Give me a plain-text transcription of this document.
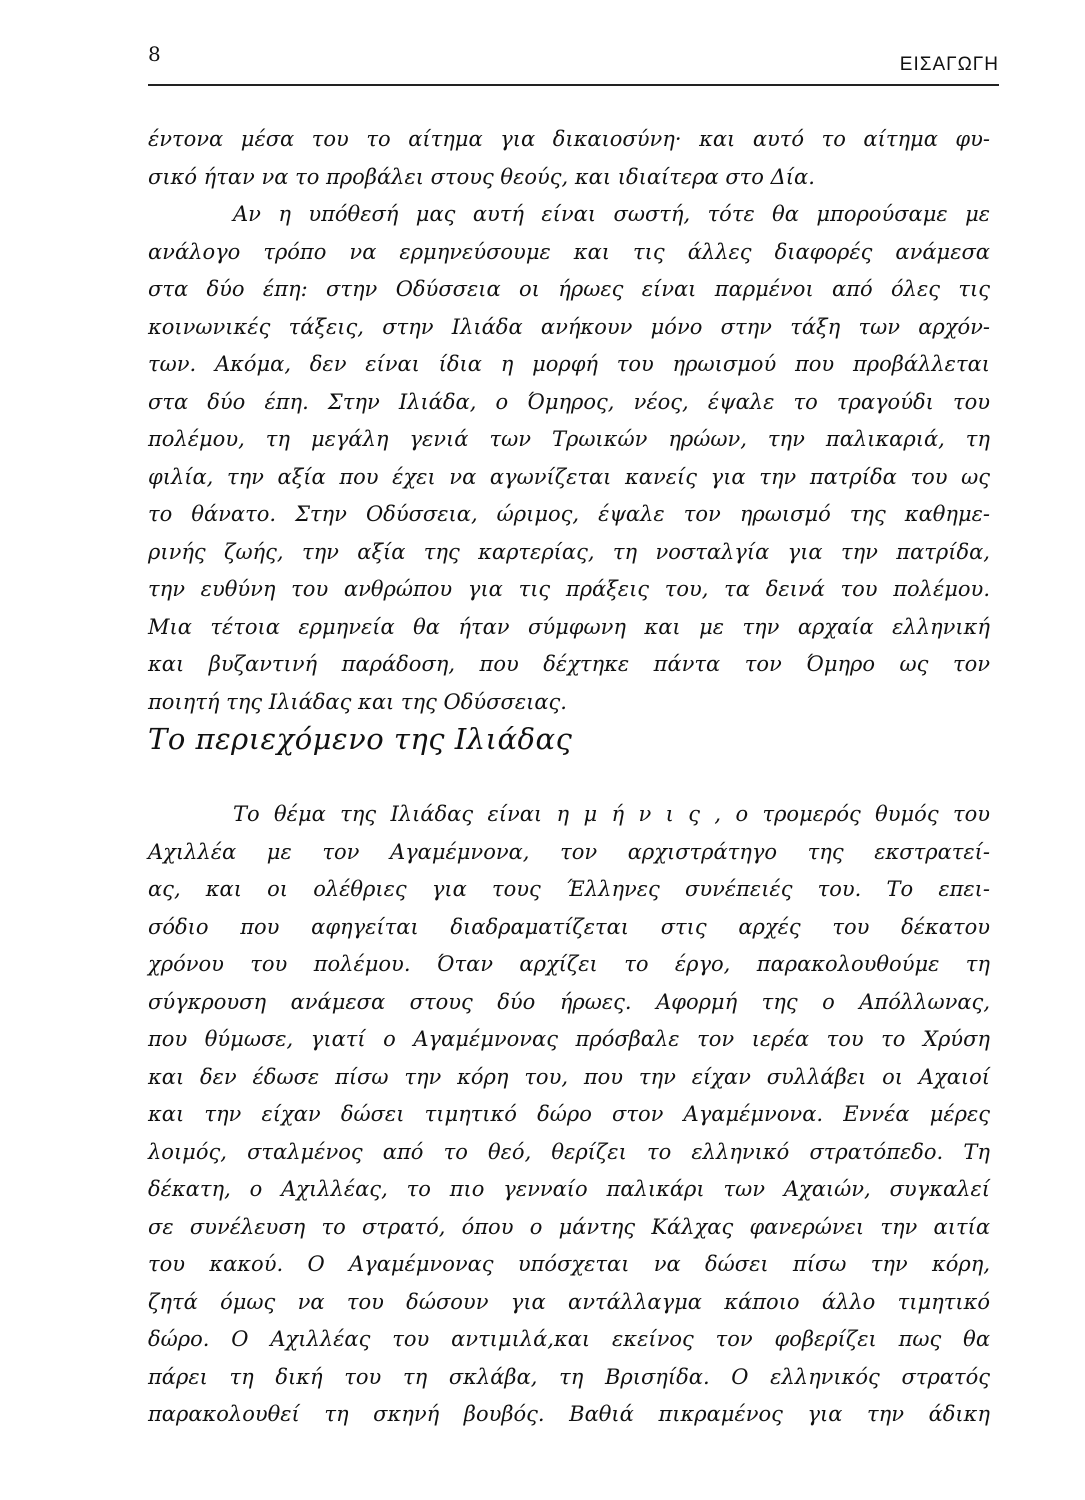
8	ΕΙΣΑΓΩΓΗ

έντονα μέσα του το αίτημα για δικαιοσύνη· και αυτό το αίτημα φυ-
σικό ήταν να το προβάλει στους θεούς, και ιδιαίτερα στο Δία.
Αν η υπόθεσή μας αυτή είναι σωστή, τότε θα μπορούσαμε με
ανάλογο τρόπο να ερμηνεύσουμε και τις άλλες διαφορές ανάμεσα
στα δύο έπη: στην Οδύσσεια οι ήρωες είναι παρμένοι από όλες τις
κοινωνικές τάξεις, στην Ιλιάδα ανήκουν μόνο στην τάξη των αρχόν-
των. Ακόμα, δεν είναι ίδια η μορφή του ηρωισμού που προβάλλεται
στα δύο έπη. Στην Ιλιάδα, ο Όμηρος, νέος, έψαλε το τραγούδι του
πολέμου, τη μεγάλη γενιά των Τρωικών ηρώων, την παλικαριά, τη
φιλία, την αξία που έχει να αγωνίζεται κανείς για την πατρίδα του ως
το θάνατο. Στην Οδύσσεια, ώριμος, έψαλε τον ηρωισμό της καθημε-
ρινής ζωής, την αξία της καρτερίας, τη νοσταλγία για την πατρίδα,
την ευθύνη του ανθρώπου για τις πράξεις του, τα δεινά του πολέμου.
Μια τέτοια ερμηνεία θα ήταν σύμφωνη και με την αρχαία ελληνική
και βυζαντινή παράδοση, που δέχτηκε πάντα τον Όμηρο ως τον
ποιητή της Ιλιάδας και της Οδύσσειας.

Το περιεχόμενο της Ιλιάδας

Το θέμα της Ιλιάδας είναι η μ ή ν ι ς , ο τρομερός θυμός του
Αχιλλέα με τον Αγαμέμνονα, τον αρχιστράτηγο της εκστρατεί-
ας, και οι ολέθριες για τους Έλληνες συνέπειές του. Το επει-
σόδιο που αφηγείται διαδραματίζεται στις αρχές του δέκατου
χρόνου του πολέμου. Όταν αρχίζει το έργο, παρακολουθούμε τη
σύγκρουση ανάμεσα στους δύο ήρωες. Αφορμή της ο Απόλλωνας,
που θύμωσε, γιατί ο Αγαμέμνονας πρόσβαλε τον ιερέα του το Χρύση
και δεν έδωσε πίσω την κόρη του, που την είχαν συλλάβει οι Αχαιοί
και την είχαν δώσει τιμητικό δώρο στον Αγαμέμνονα. Εννέα μέρες
λοιμός, σταλμένος από το θεό, θερίζει το ελληνικό στρατόπεδο. Τη
δέκατη, ο Αχιλλέας, το πιο γενναίο παλικάρι των Αχαιών, συγκαλεί
σε συνέλευση το στρατό, όπου ο μάντης Κάλχας φανερώνει την αιτία
του κακού. Ο Αγαμέμνονας υπόσχεται να δώσει πίσω την κόρη,
ζητά όμως να του δώσουν για αντάλλαγμα κάποιο άλλο τιμητικό
δώρο. Ο Αχιλλέας του αντιμιλά,και εκείνος τον φοβερίζει πως θα
πάρει τη δική του τη σκλάβα, τη Βρισηίδα. Ο ελληνικός στρατός
παρακολουθεί τη σκηνή βουβός. Βαθιά πικραμένος για την άδικη
